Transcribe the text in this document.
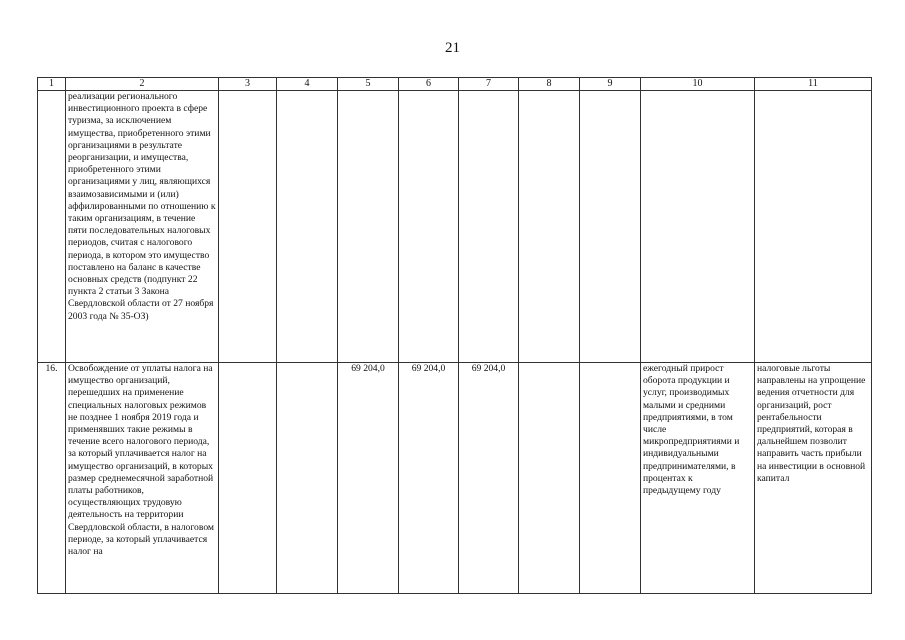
21
1	2	3	4	5	6	7	8	9	10	11
	реализации регионального инвестиционного проекта в сфере туризма, за исключением имущества, приобретенного этими организациями в результате реорганизации, и имущества, приобретенного этими организациями у лиц, являющихся взаимозависимыми и (или) аффилированными по отношению к таким организациям, в течение пяти последовательных налоговых периодов, считая с налогового периода, в котором это имущество поставлено на баланс в качестве основных средств (подпункт 22 пункта 2 статьи 3 Закона Свердловской области от 27 ноября 2003 года № 35-ОЗ)									
16.	Освобождение от уплаты налога на имущество организаций, перешедших на применение специальных налоговых режимов не позднее 1 ноября 2019 года и применявших такие режимы в течение всего налогового периода, за который уплачивается налог на имущество организаций, в которых размер среднемесячной заработной платы работников, осуществляющих трудовую деятельность на территории Свердловской области, в налоговом периоде, за который уплачивается налог на			69 204,0	69 204,0	69 204,0			ежегодный прирост оборота продукции и услуг, производимых малыми и средними предприятиями, в том числе микропредприятиями и индивидуальными предпринимателями, в процентах к предыдущему году	налоговые льготы направлены на упрощение ведения отчетности для организаций, рост рентабельности предприятий, которая в дальнейшем позволит направить часть прибыли на инвестиции в основной капитал
